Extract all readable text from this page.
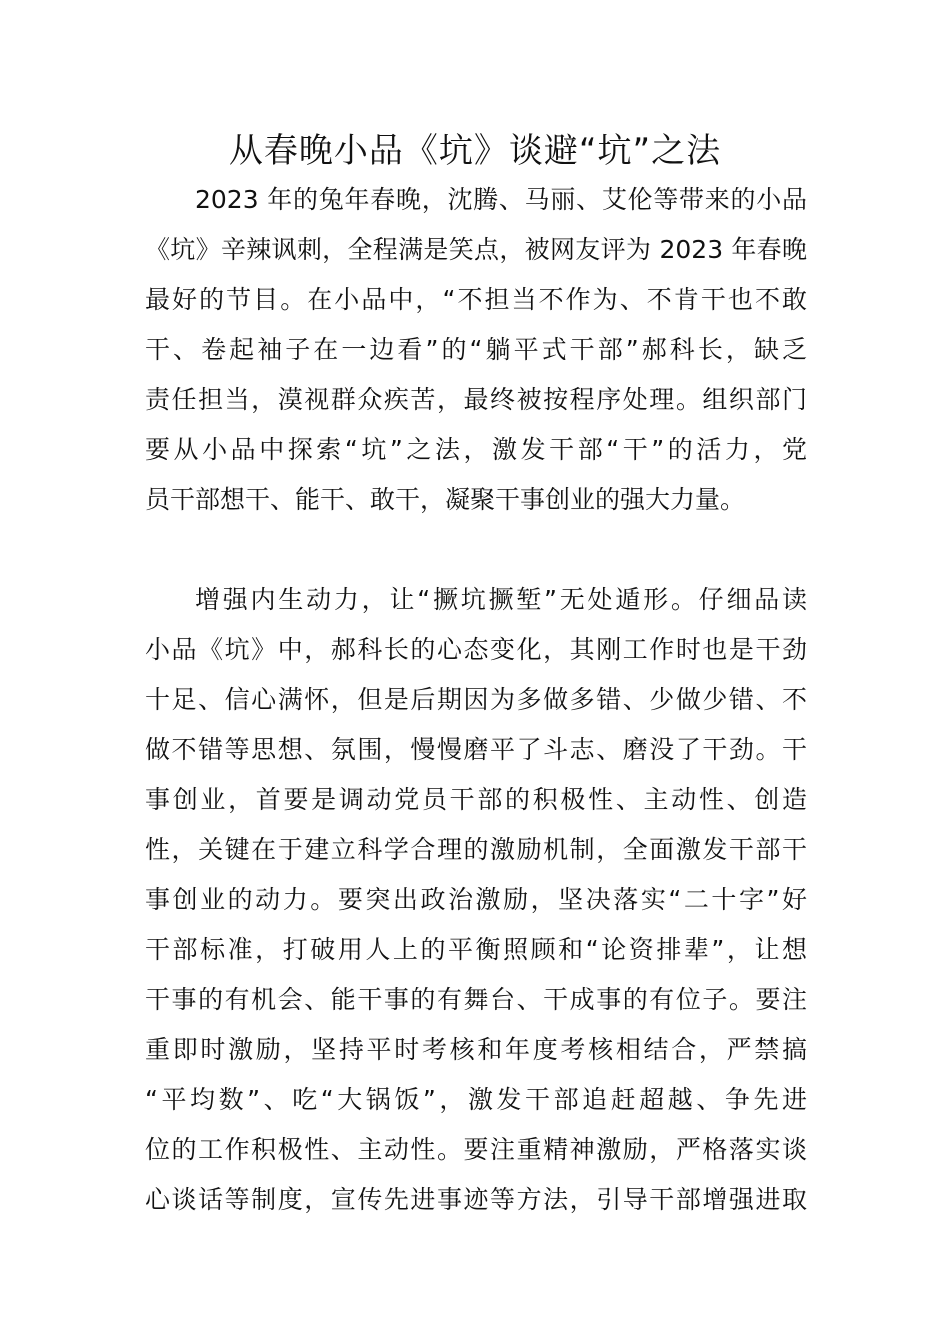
从春晚小品《坑》谈避“坑”之法

2023 年的兔年春晚，沈腾、马丽、艾伦等带来的小品

《坑》辛辣讽刺，全程满是笑点，被网友评为 2023 年春晚

最好的节目。在小品中，“不担当不作为、不肯干也不敢

干、卷起袖子在一边看”的“躺平式干部”郝科长，缺乏

责任担当，漠视群众疾苦，最终被按程序处理。组织部门

要从小品中探索“坑”之法，激发干部“干”的活力，党

员干部想干、能干、敢干，凝聚干事创业的强大力量。

增强内生动力，让“撅坑撅堑”无处遁形。仔细品读

小品《坑》中，郝科长的心态变化，其刚工作时也是干劲

十足、信心满怀，但是后期因为多做多错、少做少错、不

做不错等思想、氛围，慢慢磨平了斗志、磨没了干劲。干

事创业，首要是调动党员干部的积极性、主动性、创造

性，关键在于建立科学合理的激励机制，全面激发干部干

事创业的动力。要突出政治激励，坚决落实“二十字”好

干部标准，打破用人上的平衡照顾和“论资排辈”，让想

干事的有机会、能干事的有舞台、干成事的有位子。要注

重即时激励，坚持平时考核和年度考核相结合，严禁搞

“平均数”、吃“大锅饭”，激发干部追赶超越、争先进

位的工作积极性、主动性。要注重精神激励，严格落实谈

心谈话等制度，宣传先进事迹等方法，引导干部增强进取
